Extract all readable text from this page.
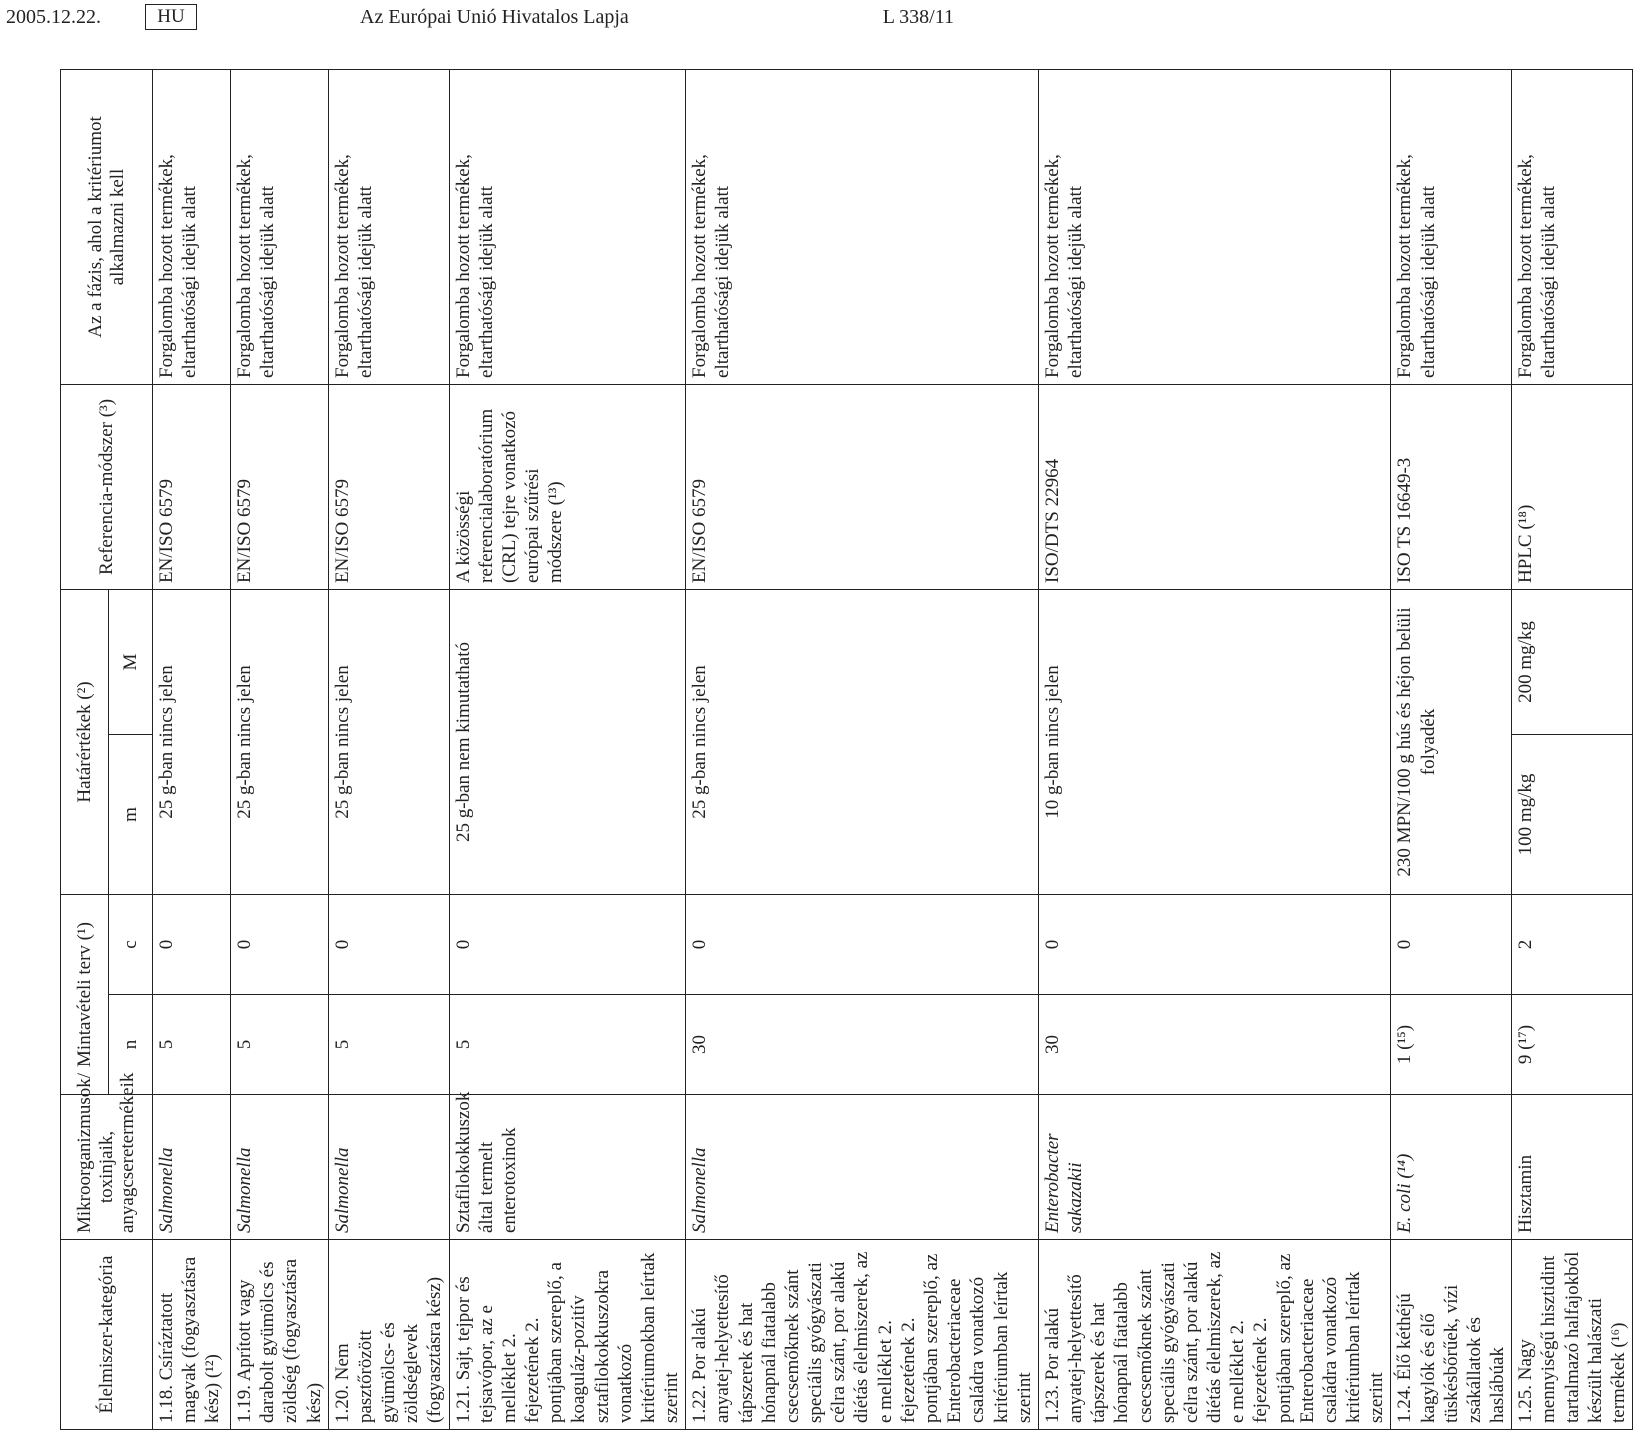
2005.12.22.	HU	Az Európai Unió Hivatalos Lapja	L 338/11
Élelmiszer-kategória	Mikroorganizmusok/ toxinjaik, anyagcseretermékeik	Mintavételi terv (¹)		Határértékek (²)		Referencia-módszer (³)	Az a fázis, ahol a kritériumot alkalmazni kell
		n	c	m	M		
1.18. Csíráztatott magvak (fogyasztásra kész) (¹²)	Salmonella	5	0	25 g-ban nincs jelen		EN/ISO 6579	Forgalomba hozott termékek, eltarthatósági idejük alatt
1.19. Aprított vagy darabolt gyümölcs és zöldség (fogyasztásra kész)	Salmonella	5	0	25 g-ban nincs jelen		EN/ISO 6579	Forgalomba hozott termékek, eltarthatósági idejük alatt
1.20. Nem pasztőrözött gyümölcs- és zöldséglevek (fogyasztásra kész)	Salmonella	5	0	25 g-ban nincs jelen		EN/ISO 6579	Forgalomba hozott termékek, eltarthatósági idejük alatt
1.21. Sajt, tejpor és tejsavópor, az e melléklet 2. fejezetének 2. pontjában szereplő, a koaguláz-pozitív sztafilokokkuszokra vonatkozó kritériumokban leírtak szerint	Sztafilokokkuszok által termelt enterotoxinok	5	0	25 g-ban nem kimutatható		A közösségi referencialaboratórium (CRL) tejre vonatkozó európai szűrési módszere (¹³)	Forgalomba hozott termékek, eltarthatósági idejük alatt
1.22. Por alakú anyatej-helyettesítő tápszerek és hat hónapnál fiatalabb csecsemőknek szánt speciális gyógyászati célra szánt, por alakú diétás élelmiszerek, az e melléklet 2. fejezetének 2. pontjában szereplő, az Enterobacteriaceae családra vonatkozó kritériumban leírtak szerint	Salmonella	30	0	25 g-ban nincs jelen		EN/ISO 6579	Forgalomba hozott termékek, eltarthatósági idejük alatt
1.23. Por alakú anyatej-helyettesítő tápszerek és hat hónapnál fiatalabb csecsemőknek szánt speciális gyógyászati célra szánt, por alakú diétás élelmiszerek, az e melléklet 2. fejezetének 2. pontjában szereplő, az Enterobacteriaceae családra vonatkozó kritériumban leírtak szerint	Enterobacter sakazakii	30	0	10 g-ban nincs jelen		ISO/DTS 22964	Forgalomba hozott termékek, eltarthatósági idejük alatt
1.24. Élő kéthéjú kagylók és élő tüskésbőrűek, vízi zsákállatok és haslábúak	E. coli (¹⁴)	1 (¹⁵)	0	230 MPN/100 g hús és héjon belüli folyadék		ISO TS 16649-3	Forgalomba hozott termékek, eltarthatósági idejük alatt
1.25. Nagy mennyiségű hisztidint tartalmazó halfajokból készült halászati termékek (¹⁶)	Hisztamin	9 (¹⁷)	2	100 mg/kg	200 mg/kg	HPLC (¹⁸)	Forgalomba hozott termékek, eltarthatósági idejük alatt
